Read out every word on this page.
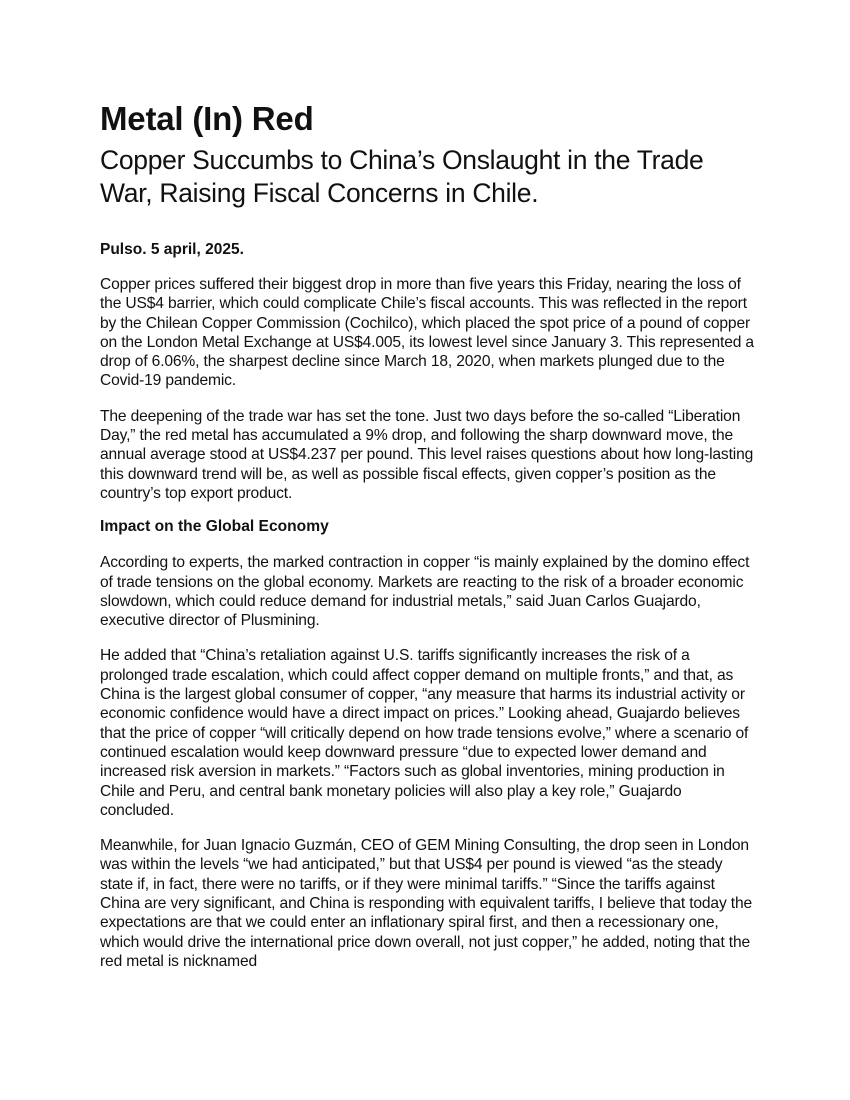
Metal (In) Red
Copper Succumbs to China’s Onslaught in the Trade War, Raising Fiscal Concerns in Chile.

Pulso. 5 april, 2025.

Copper prices suffered their biggest drop in more than five years this Friday, nearing the loss of the US$4 barrier, which could complicate Chile’s fiscal accounts. This was reflected in the report by the Chilean Copper Commission (Cochilco), which placed the spot price of a pound of copper on the London Metal Exchange at US$4.005, its lowest level since January 3. This represented a drop of 6.06%, the sharpest decline since March 18, 2020, when markets plunged due to the Covid-19 pandemic.

The deepening of the trade war has set the tone. Just two days before the so-called “Liberation Day,” the red metal has accumulated a 9% drop, and following the sharp downward move, the annual average stood at US$4.237 per pound. This level raises questions about how long-lasting this downward trend will be, as well as possible fiscal effects, given copper’s position as the country’s top export product.

Impact on the Global Economy

According to experts, the marked contraction in copper “is mainly explained by the domino effect of trade tensions on the global economy. Markets are reacting to the risk of a broader economic slowdown, which could reduce demand for industrial metals,” said Juan Carlos Guajardo, executive director of Plusmining.

He added that “China’s retaliation against U.S. tariffs significantly increases the risk of a prolonged trade escalation, which could affect copper demand on multiple fronts,” and that, as China is the largest global consumer of copper, “any measure that harms its industrial activity or economic confidence would have a direct impact on prices.” Looking ahead, Guajardo believes that the price of copper “will critically depend on how trade tensions evolve,” where a scenario of continued escalation would keep downward pressure “due to expected lower demand and increased risk aversion in markets.” “Factors such as global inventories, mining production in Chile and Peru, and central bank monetary policies will also play a key role,” Guajardo concluded.

Meanwhile, for Juan Ignacio Guzmán, CEO of GEM Mining Consulting, the drop seen in London was within the levels “we had anticipated,” but that US$4 per pound is viewed “as the steady state if, in fact, there were no tariffs, or if they were minimal tariffs.” “Since the tariffs against China are very significant, and China is responding with equivalent tariffs, I believe that today the expectations are that we could enter an inflationary spiral first, and then a recessionary one, which would drive the international price down overall, not just copper,” he added, noting that the red metal is nicknamed
